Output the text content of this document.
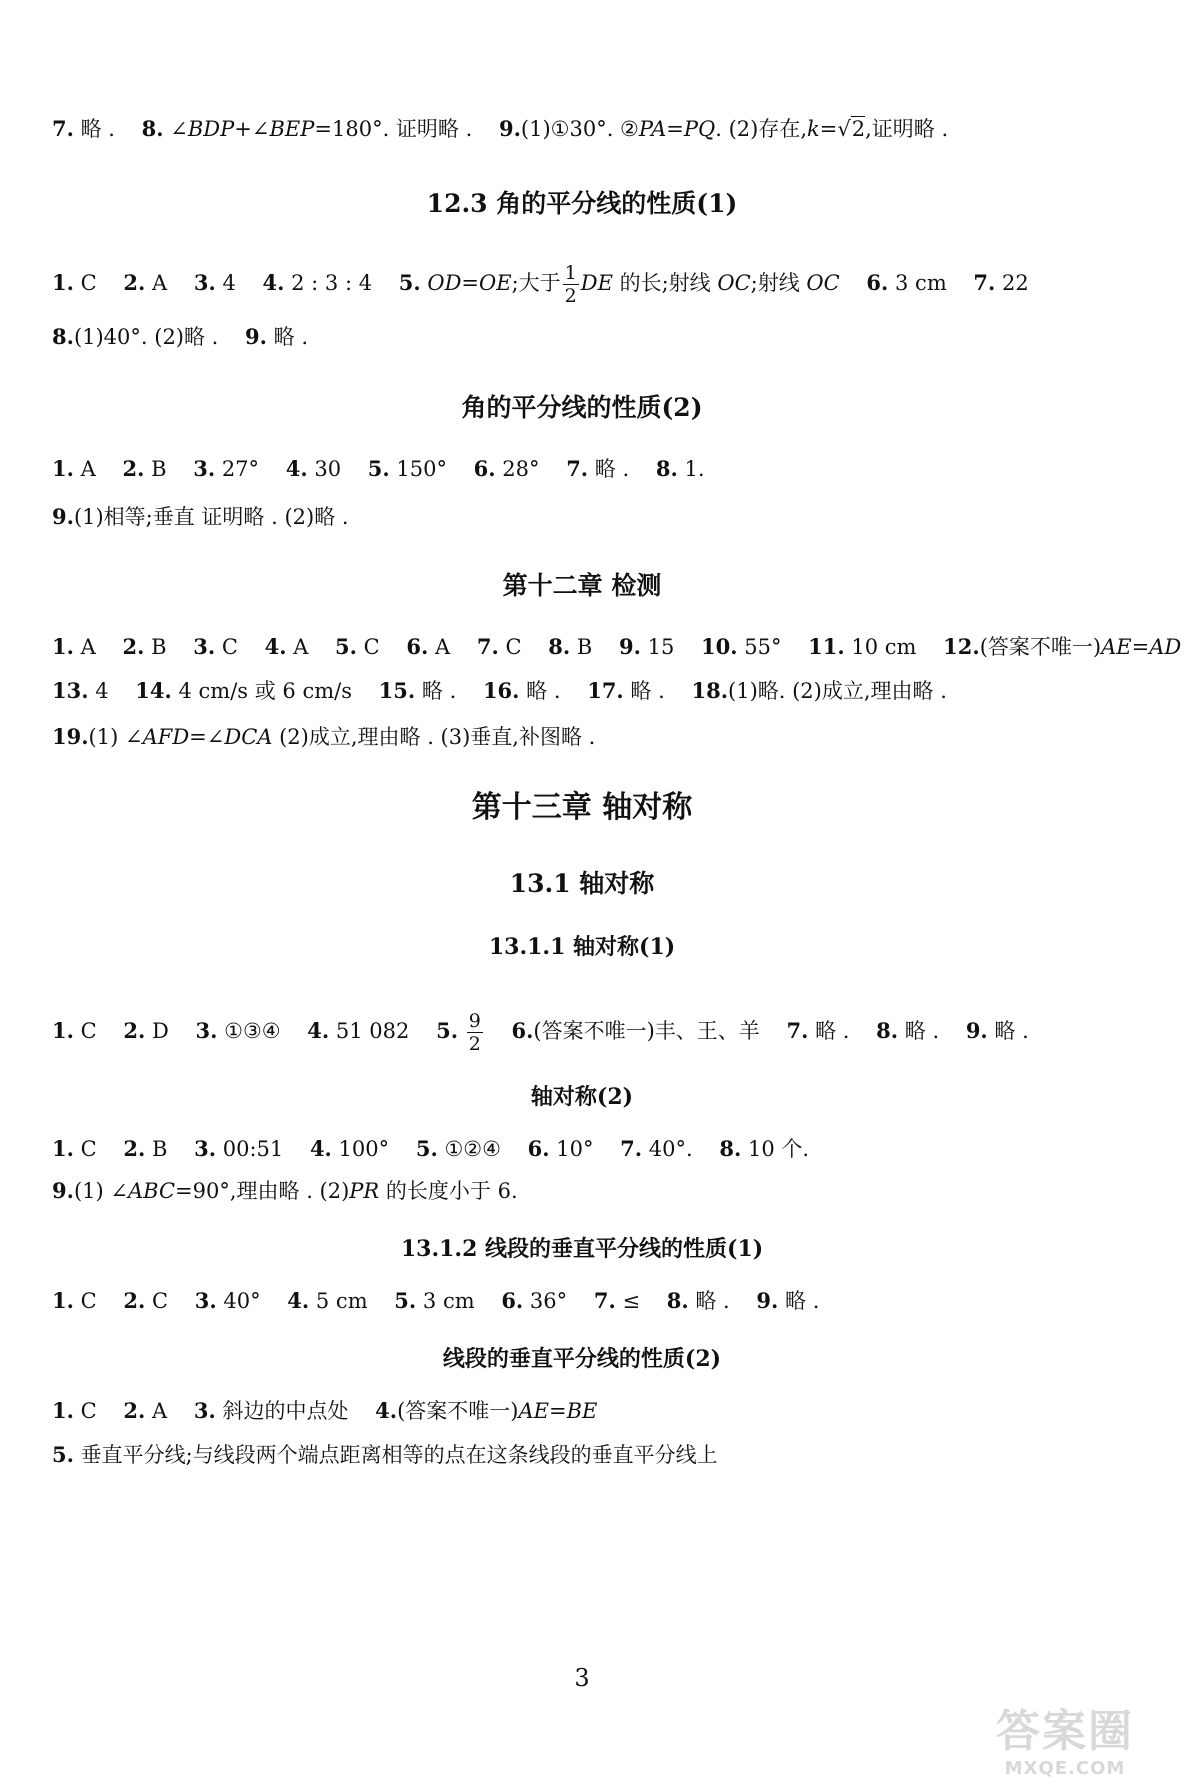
7. 略 . 8. ∠BDP+∠BEP=180°. 证明略 . 9.(1)①30°. ②PA=PQ. (2)存在,k=√2,证明略 .
12.3 角的平分线的性质(1)
1. C 2. A 3. 4 4. 2 : 3 : 4 5. OD=OE;大于 $\frac{1}{2}$ DE 的长;射线 OC;射线 OC 6. 3 cm 7. 22
8.(1)40°. (2)略 . 9. 略 .
角的平分线的性质(2)
1. A 2. B 3. 27° 4. 30 5. 150° 6. 28° 7. 略 . 8. 1.
9.(1)相等;垂直 证明略 . (2)略 .
第十二章 检测
1. A 2. B 3. C 4. A 5. C 6. A 7. C 8. B 9. 15 10. 55° 11. 10 cm 12.(答案不唯一)AE=AD
13. 4 14. 4 cm/s 或 6 cm/s 15. 略 . 16. 略 . 17. 略 . 18.(1)略. (2)成立,理由略 .
19.(1) ∠AFD=∠DCA (2)成立,理由略 . (3)垂直,补图略 .
第十三章 轴对称
13.1 轴对称
13.1.1 轴对称(1)
1. C 2. D 3. ①③④ 4. 51 082 5. $\frac{9}{2} 6$.(答案不唯一)丰、王、羊 7. 略 . 8. 略 . 9. 略 .
轴对称(2)
1. C 2. B 3. 00:51 4. 100° 5. ①②④ 6. 10° 7. 40°. 8. 10 个.
9.(1) ∠ABC=90°,理由略 . (2)PR 的长度小于 6.
13.1.2 线段的垂直平分线的性质(1)
1. C 2. C 3. 40° 4. 5 cm 5. 3 cm 6. 36° 7. ≤ 8. 略 . 9. 略 .
线段的垂直平分线的性质(2)
1. C 2. A 3. 斜边的中点处 4.(答案不唯一)AE=BE
5. 垂直平分线;与线段两个端点距离相等的点在这条线段的垂直平分线上
3
答案圈
MXQE.COM
